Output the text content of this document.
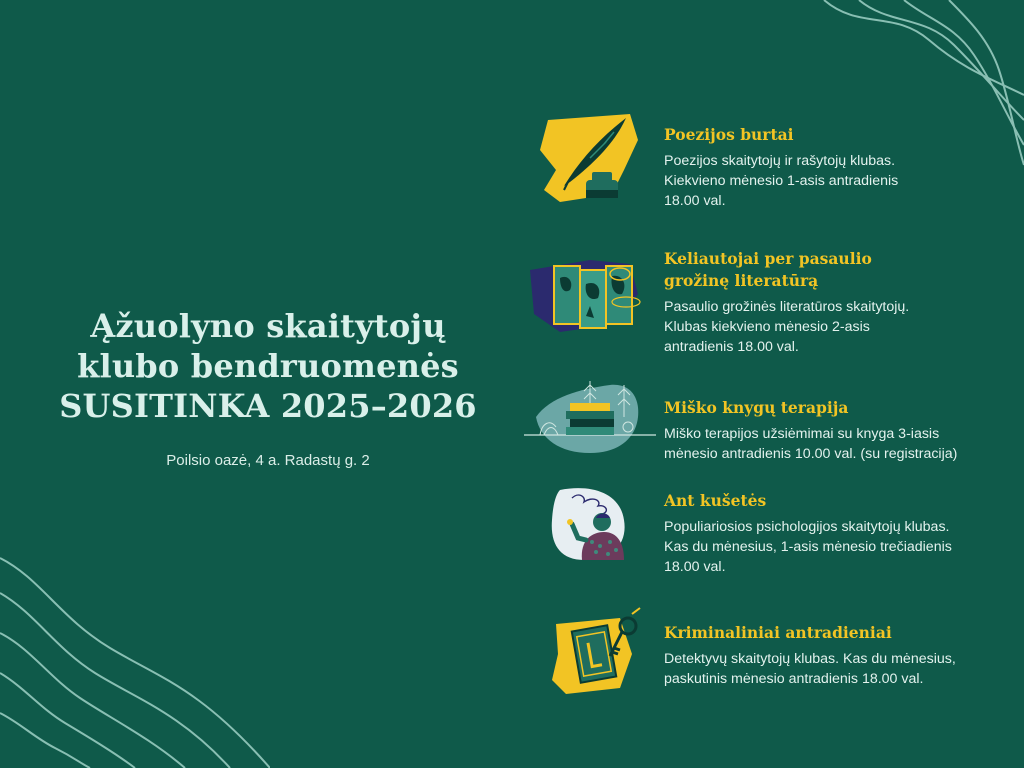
Ąžuolyno skaitytojų
klubo bendruomenės
SUSITINKA 2025–2026
Poilsio oazė, 4 a. Radastų g. 2
Poezijos burtai
Poezijos skaitytojų ir rašytojų klubas.
Kiekvieno mėnesio 1-asis antradienis
18.00 val.
Keliautojai per pasaulio
grožinę literatūrą
Pasaulio grožinės literatūros skaitytojų.
Klubas kiekvieno mėnesio 2-asis
antradienis 18.00 val.
Miško knygų terapija
Miško terapijos užsiėmimai su knyga 3-iasis
mėnesio antradienis 10.00 val. (su registracija)
Ant kušetės
Populiariosios psichologijos skaitytojų klubas.
Kas du mėnesius, 1-asis mėnesio trečiadienis
18.00 val.
Kriminaliniai antradieniai
Detektyvų skaitytojų klubas. Kas du mėnesius,
paskutinis mėnesio antradienis 18.00 val.
